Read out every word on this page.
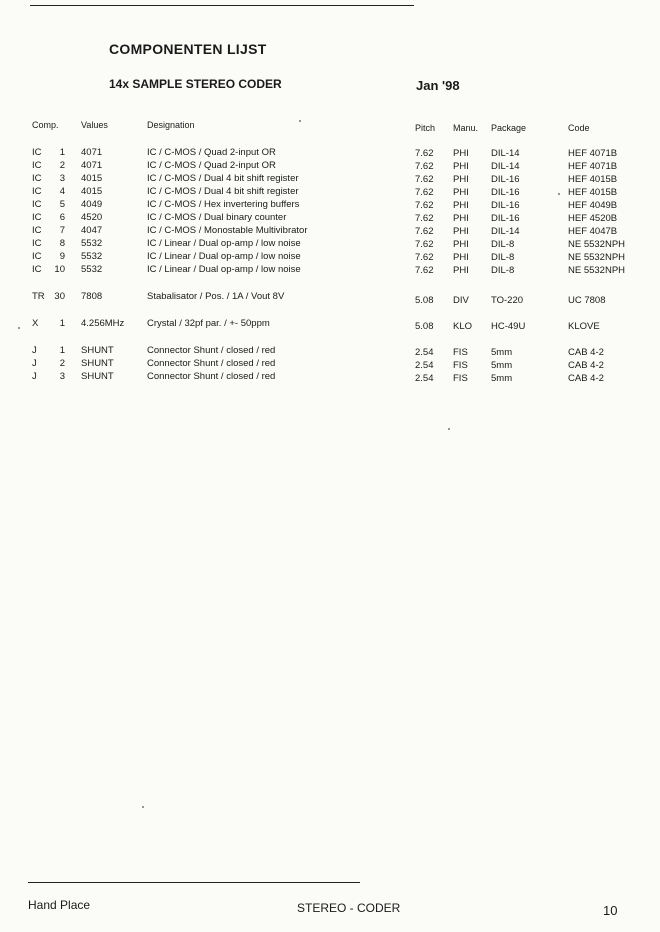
COMPONENTEN LIJST
14x SAMPLE STEREO CODER	Jan '98
Comp. Values	Designation	Pitch Manu. Package	Code
IC	1 4071	IC / C-MOS / Quad 2-input OR	7.62 PHI DIL-14	HEF 4071B
IC	2 4071	IC / C-MOS / Quad 2-input OR	7.62 PHI DIL-14	HEF 4071B
IC	3 4015	IC / C-MOS / Dual 4 bit shift register	7.62 PHI DIL-16	HEF 4015B
IC	4 4015	IC / C-MOS / Dual 4 bit shift register	7.62 PHI DIL-16	HEF 4015B
IC	5 4049	IC / C-MOS / Hex invertering buffers	7.62 PHI DIL-16	HEF 4049B
IC	6 4520	IC / C-MOS / Dual binary counter	7.62 PHI DIL-16	HEF 4520B
IC	7 4047	IC / C-MOS / Monostable Multivibrator	7.62 PHI DIL-14	HEF 4047B
IC	8 5532	IC / Linear / Dual op-amp / low noise	7.62 PHI DIL-8	NE 5532NPH
IC	9 5532	IC / Linear / Dual op-amp / low noise	7.62 PHI DIL-8	NE 5532NPH
IC 10 5532	IC / Linear / Dual op-amp / low noise	7.62 PHI DIL-8	NE 5532NPH
TR 30 7808	Stabalisator / Pos. / 1A / Vout 8V	5.08 DIV TO-220	UC 7808
X	1 4.256MHz Crystal / 32pf par. / +- 50ppm	5.08 KLO HC-49U	KLOVE
J	1 SHUNT	Connector Shunt / closed / red	2.54 FIS 5mm	CAB 4-2
J	2 SHUNT	Connector Shunt / closed / red	2.54 FIS 5mm	CAB 4-2
J	3 SHUNT	Connector Shunt / closed / red	2.54 FIS 5mm	CAB 4-2
Hand Place	STEREO - CODER	10
